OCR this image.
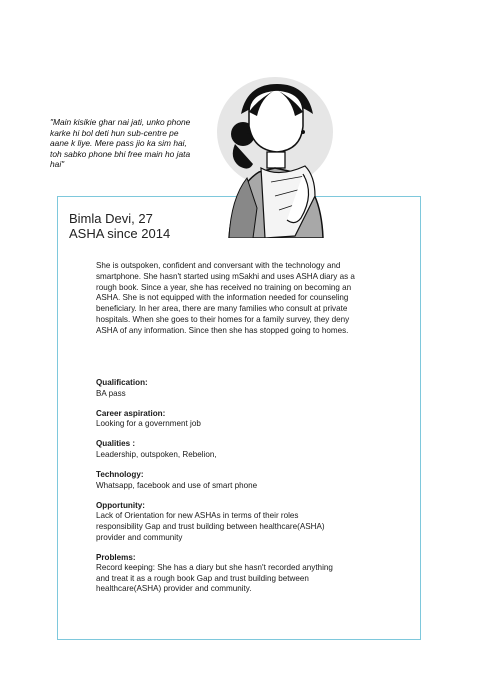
"Main kisikie ghar nai jati, unko phone
karke hi bol deti hun sub-centre pe
aane k liye. Mere pass jio ka sim hai,
toh sabko phone bhi free main ho jata
hai"
Bimla Devi, 27
ASHA since 2014
She is outspoken, confident and conversant with the technology and
smartphone. She hasn't started using mSakhi and uses ASHA diary as a
rough book. Since a year, she has received no training on becoming an
ASHA. She is not equipped with the information needed for counseling
beneficiary. In her area, there are many families who consult at private
hospitals. When she goes to their homes for a family survey, they deny
ASHA of any information. Since then she has stopped going to homes.
Qualification:
BA pass
Career aspiration:
Looking for a government job
Qualities :
Leadership, outspoken, Rebelion,
Technology:
Whatsapp, facebook and use of smart phone
Opportunity:
Lack of Orientation for new ASHAs in terms of their roles
responsibility Gap and trust building between healthcare(ASHA)
provider and community
Problems:
Record keeping: She has a diary but she hasn't recorded anything
and treat it as a rough book Gap and trust building between
healthcare(ASHA) provider and community.
